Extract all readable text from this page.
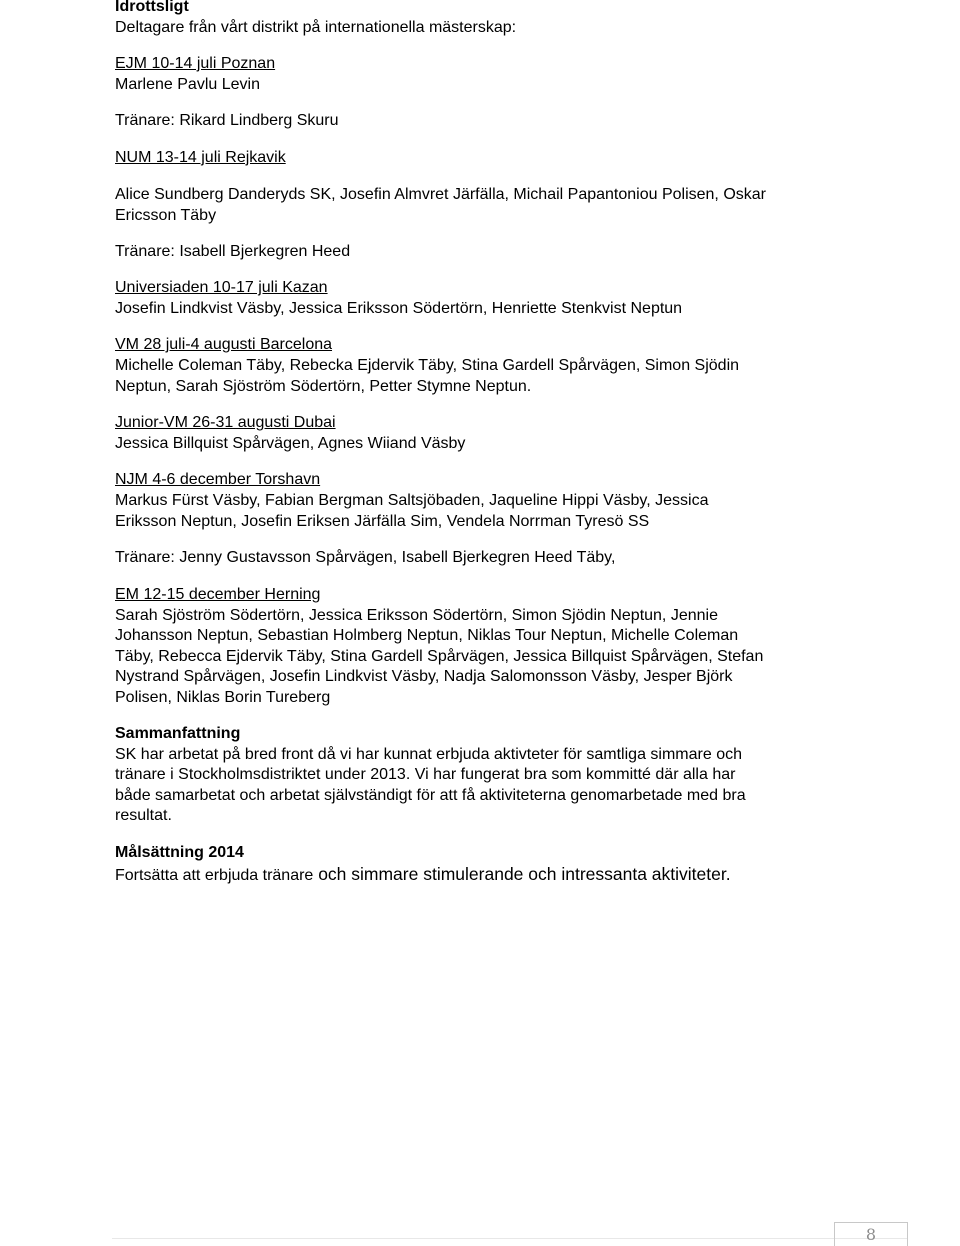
Idrottsligt
Deltagare från vårt distrikt på internationella mästerskap:
EJM 10-14 juli Poznan
Marlene Pavlu Levin
Tränare: Rikard Lindberg Skuru
NUM 13-14 juli Rejkavik
Alice Sundberg Danderyds SK, Josefin Almvret Järfälla, Michail Papantoniou Polisen, Oskar
Ericsson Täby
Tränare: Isabell Bjerkegren Heed
Universiaden 10-17 juli Kazan
Josefin Lindkvist Väsby, Jessica Eriksson Södertörn, Henriette Stenkvist Neptun
VM 28 juli-4 augusti Barcelona
Michelle Coleman Täby, Rebecka Ejdervik Täby, Stina Gardell Spårvägen, Simon Sjödin
Neptun, Sarah Sjöström Södertörn, Petter Stymne Neptun.
Junior-VM 26-31 augusti Dubai
Jessica Billquist Spårvägen, Agnes Wiiand Väsby
NJM 4-6 december Torshavn
Markus Fürst Väsby, Fabian Bergman Saltsjöbaden, Jaqueline Hippi Väsby, Jessica
Eriksson Neptun, Josefin Eriksen Järfälla Sim, Vendela Norrman Tyresö SS
Tränare: Jenny Gustavsson Spårvägen, Isabell Bjerkegren Heed Täby,
EM 12-15 december Herning
Sarah Sjöström Södertörn, Jessica Eriksson Södertörn, Simon Sjödin Neptun, Jennie
Johansson Neptun, Sebastian Holmberg Neptun, Niklas Tour Neptun, Michelle Coleman
Täby, Rebecca Ejdervik Täby, Stina Gardell Spårvägen, Jessica Billquist Spårvägen, Stefan
Nystrand Spårvägen, Josefin Lindkvist Väsby, Nadja Salomonsson Väsby, Jesper Björk
Polisen, Niklas Borin Tureberg
Sammanfattning
SK har arbetat på bred front då vi har kunnat erbjuda aktivteter för samtliga simmare och
tränare i Stockholmsdistriktet under 2013. Vi har fungerat bra som kommitté där alla har
både samarbetat och arbetat självständigt för att få aktiviteterna genomarbetade med bra
resultat.
Målsättning 2014
Fortsätta att erbjuda tränare och simmare stimulerande och intressanta aktiviteter.
8
